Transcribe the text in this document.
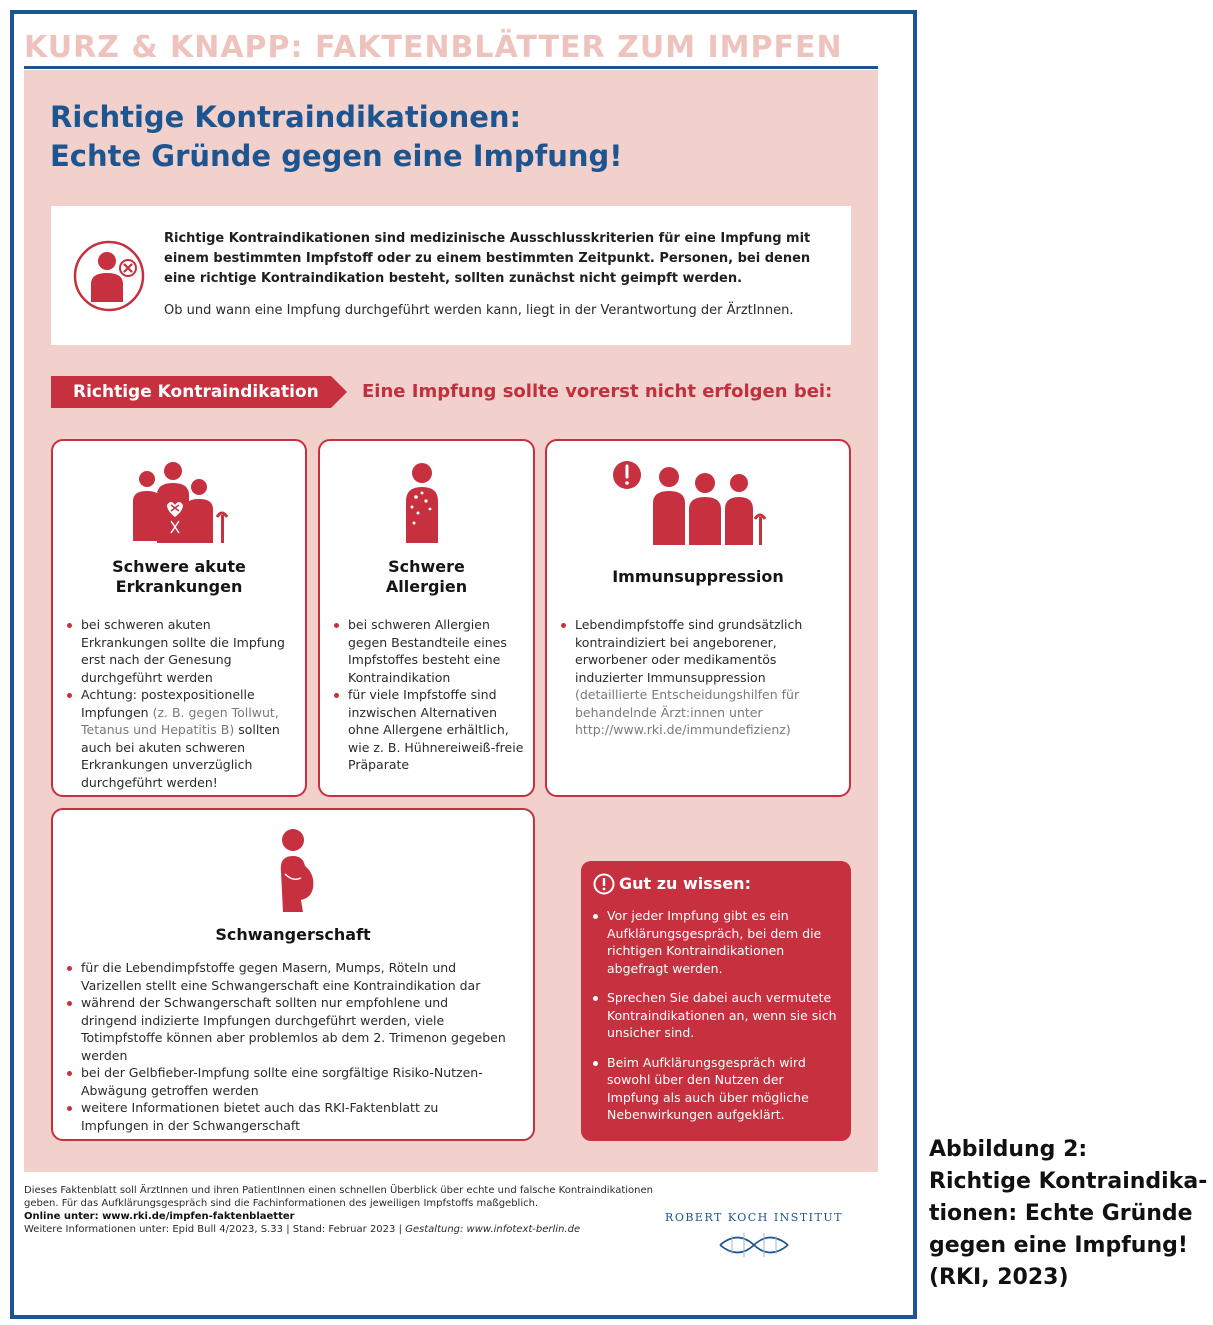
KURZ & KNAPP: FAKTENBLÄTTER ZUM IMPFEN
Richtige Kontraindikationen:
Echte Gründe gegen eine Impfung!
Richtige Kontraindikationen sind medizinische Ausschlusskriterien für eine Impfung mit einem bestimmten Impfstoff oder zu einem bestimmten Zeitpunkt. Personen, bei denen eine richtige Kontraindikation besteht, sollten zunächst nicht geimpft werden.
Ob und wann eine Impfung durchgeführt werden kann, liegt in der Verantwortung der ÄrztInnen.
Richtige Kontraindikation Eine Impfung sollte vorerst nicht erfolgen bei:
Schwere akute
Erkrankungen
bei schweren akuten Erkrankungen sollte die Impfung erst nach der Genesung durchgeführt werden
Achtung: postexpositionelle Impfungen (z. B. gegen Tollwut, Tetanus und Hepatitis B) sollten auch bei akuten schweren Erkrankungen unverzüglich durchgeführt werden!
Schwere
Allergien
bei schweren Allergien gegen Bestandteile eines Impfstoffes besteht eine Kontraindikation
für viele Impfstoffe sind inzwischen Alternativen ohne Allergene erhältlich, wie z. B. Hühnereiweiß-freie Präparate
Immunsuppression
Lebendimpfstoffe sind grundsätzlich kontraindiziert bei angeborener, erworbener oder medikamentös induzierter Immunsuppression
(detaillierte Entscheidungshilfen für behandelnde Ärzt:innen unter http://www.rki.de/immundefizienz)
Schwangerschaft
für die Lebendimpfstoffe gegen Masern, Mumps, Röteln und Varizellen stellt eine Schwangerschaft eine Kontraindikation dar
während der Schwangerschaft sollten nur empfohlene und dringend indizierte Impfungen durchgeführt werden, viele Totimpfstoffe können aber problemlos ab dem 2. Trimenon gegeben werden
bei der Gelbfieber-Impfung sollte eine sorgfältige Risiko-Nutzen-Abwägung getroffen werden
weitere Informationen bietet auch das RKI-Faktenblatt zu Impfungen in der Schwangerschaft
Gut zu wissen:
Vor jeder Impfung gibt es ein Aufklärungsgespräch, bei dem die richtigen Kontraindikationen abgefragt werden.
Sprechen Sie dabei auch vermutete Kontraindikationen an, wenn sie sich unsicher sind.
Beim Aufklärungsgespräch wird sowohl über den Nutzen der Impfung als auch über mögliche Nebenwirkungen aufgeklärt.
Dieses Faktenblatt soll ÄrztInnen und ihren PatientInnen einen schnellen Überblick über echte und falsche Kontraindikationen geben. Für das Aufklärungsgespräch sind die Fachinformationen des jeweiligen Impfstoffs maßgeblich.
Online unter: www.rki.de/impfen-faktenblaetter
Weitere Informationen unter: Epid Bull 4/2023, S.33 | Stand: Februar 2023 | Gestaltung: www.infotext-berlin.de
ROBERT KOCH INSTITUT
Abbildung 2:
Richtige Kontraindika-
tionen: Echte Gründe
gegen eine Impfung!
(RKI, 2023)
